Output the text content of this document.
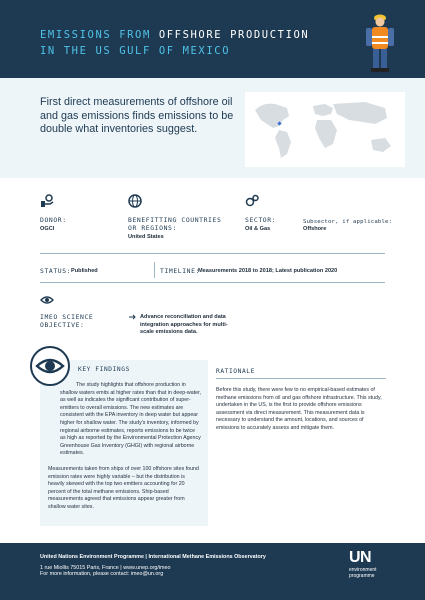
EMISSIONS FROM OFFSHORE PRODUCTION
IN THE US GULF OF MEXICO
First direct measurements of offshore oil and gas emissions finds emissions to be double what inventories suggest.
DONOR:
OGCI
BENEFITTING COUNTRIES OR REGIONS:
United States
SECTOR:
Oil & Gas
Subsector, if applicable:
Offshore
STATUS: Published	TIMELINE:
Measurements 2018 to 2018; Latest publication 2020
IMEO SCIENCE OBJECTIVE:
Advance reconciliation and data integration approaches for multi-scale emissions data.
KEY FINDINGS
The study highlights that offshore production in shallow waters emits at higher rates than that in deep-water, as well as indicates the significant contribution of super-emitters to overall emissions. The new estimates are consistent with the EPA inventory in deep water but appear higher for shallow water. The study's inventory, informed by regional airborne estimates, reports emissions to be twice as high as reported by the Environmental Protection Agency Greenhouse Gas Inventory (GHGI) with regional airborne estimates.
Measurements taken from ships of over 100 offshore sites found emission rates were highly variable – but the distribution is heavily skewed with the top two emitters accounting for 20 percent of the total methane emissions. Ship-based measurements agreed that emissions appear greater from shallow water sites.
RATIONALE
Before this study, there were few to no empirical-based estimates of methane emissions from oil and gas offshore infrastructure. This study, undertaken in the US, is the first to provide offshore emissions assessment via direct measurement. This measurement data is necessary to understand the amount, locations, and sources of emissions to accurately assess and mitigate them.
United Nations Environment Programme | International Methane Emissions Observatory
1 rue Miollis 75015 Paris, France | www.unep.org/imeo
For more information, please contact: imeo@un.org
UN
environment
programme
